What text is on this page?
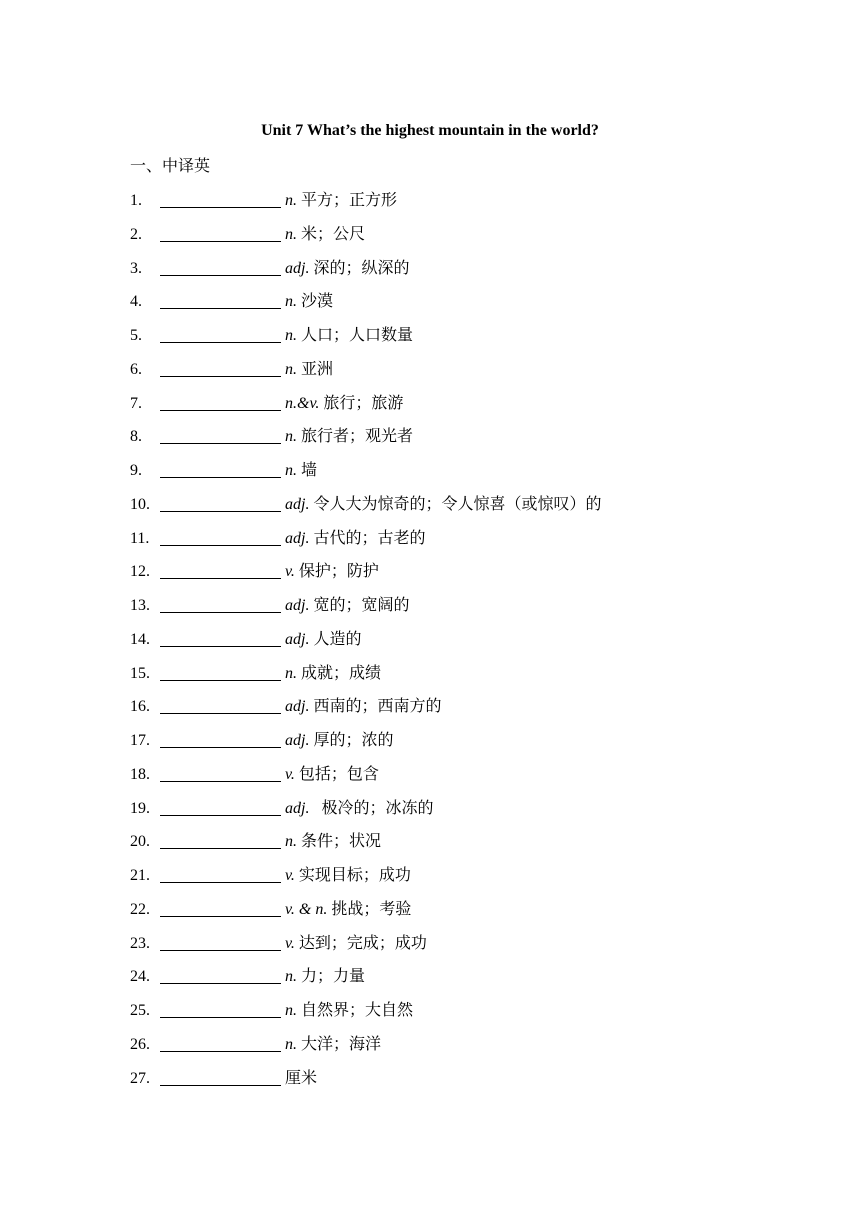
Unit 7 What’s the highest mountain in the world?
一、中译英
1.	n. 平方；正方形
2.	n. 米；公尺
3.	adj. 深的；纵深的
4.	n. 沙漠
5.	n. 人口；人口数量
6.	n. 亚洲
7.	n.&v. 旅行；旅游
8.	n. 旅行者；观光者
9.	n. 墙
10.	adj. 令人大为惊奇的；令人惊喜（或惊叹）的
11.	adj. 古代的；古老的
12.	v. 保护；防护
13.	adj. 宽的；宽阔的
14.	adj. 人造的
15.	n. 成就；成绩
16.	adj. 西南的；西南方的
17.	adj. 厚的；浓的
18.	v. 包括；包含
19.	adj.   极冷的；冰冻的
20.	n. 条件；状况
21.	v. 实现目标；成功
22.	v. & n. 挑战；考验
23.	v. 达到；完成；成功
24.	n. 力；力量
25.	n. 自然界；大自然
26.	n. 大洋；海洋
27.	厘米
